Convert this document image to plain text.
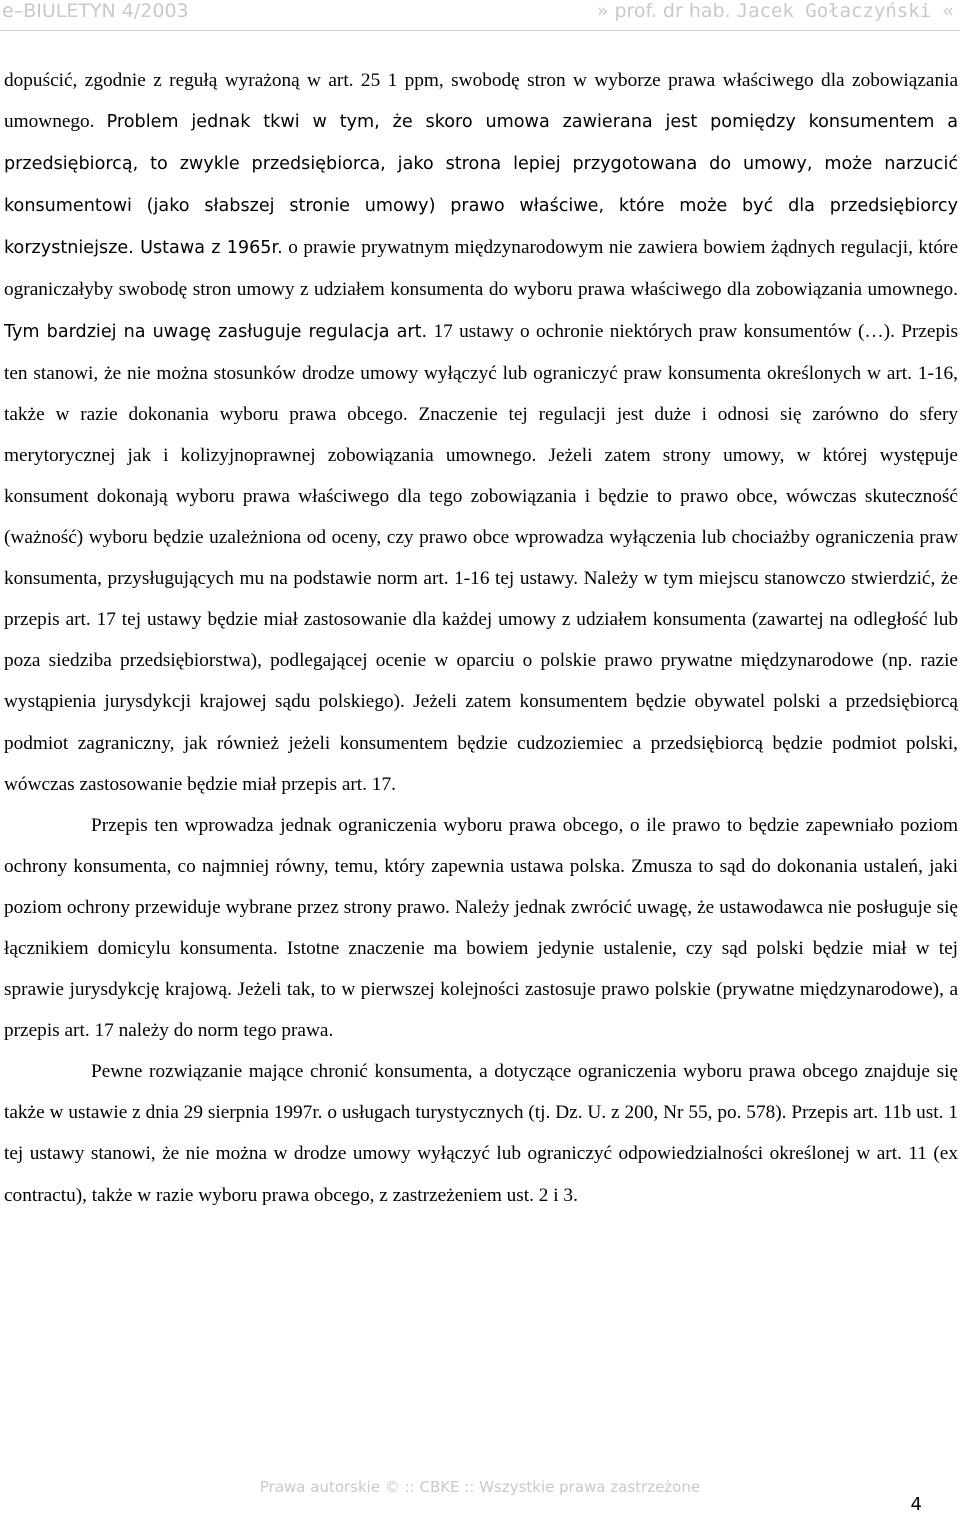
e–BIULETYN 4/2003	» prof. dr hab. Jacek Gołaczyński «

dopuścić, zgodnie z regułą wyrażoną w art. 25 1 ppm, swobodę stron w wyborze prawa właściwego dla zobowiązania umownego. Problem jednak tkwi w tym, że skoro umowa zawierana jest pomiędzy konsumentem a przedsiębiorcą, to zwykle przedsiębiorca, jako strona lepiej przygotowana do umowy, może narzucić konsumentowi (jako słabszej stronie umowy) prawo właściwe, które może być dla przedsiębiorcy korzystniejsze. Ustawa z 1965r. o prawie prywatnym międzynarodowym nie zawiera bowiem żądnych regulacji, które ograniczałyby swobodę stron umowy z udziałem konsumenta do wyboru prawa właściwego dla zobowiązania umownego. Tym bardziej na uwagę zasługuje regulacja art. 17 ustawy o ochronie niektórych praw konsumentów (…). Przepis ten stanowi, że nie można stosunków drodze umowy wyłączyć lub ograniczyć praw konsumenta określonych w art. 1-16, także w razie dokonania wyboru prawa obcego. Znaczenie tej regulacji jest duże i odnosi się zarówno do sfery merytorycznej jak i kolizyjnoprawnej zobowiązania umownego. Jeżeli zatem strony umowy, w której występuje konsument dokonają wyboru prawa właściwego dla tego zobowiązania i będzie to prawo obce, wówczas skuteczność (ważność) wyboru będzie uzależniona od oceny, czy prawo obce wprowadza wyłączenia lub chociażby ograniczenia praw konsumenta, przysługujących mu na podstawie norm art. 1-16 tej ustawy. Należy w tym miejscu stanowczo stwierdzić, że przepis art. 17 tej ustawy będzie miał zastosowanie dla każdej umowy z udziałem konsumenta (zawartej na odległość lub poza siedziba przedsiębiorstwa), podlegającej ocenie w oparciu o polskie prawo prywatne międzynarodowe (np. razie wystąpienia jurysdykcji krajowej sądu polskiego). Jeżeli zatem konsumentem będzie obywatel polski a przedsiębiorcą podmiot zagraniczny, jak również jeżeli konsumentem będzie cudzoziemiec a przedsiębiorcą będzie podmiot polski, wówczas zastosowanie będzie miał przepis art. 17.

Przepis ten wprowadza jednak ograniczenia wyboru prawa obcego, o ile prawo to będzie zapewniało poziom ochrony konsumenta, co najmniej równy, temu, który zapewnia ustawa polska. Zmusza to sąd do dokonania ustaleń, jaki poziom ochrony przewiduje wybrane przez strony prawo. Należy jednak zwrócić uwagę, że ustawodawca nie posługuje się łącznikiem domicylu konsumenta. Istotne znaczenie ma bowiem jedynie ustalenie, czy sąd polski będzie miał w tej sprawie jurysdykcję krajową. Jeżeli tak, to w pierwszej kolejności zastosuje prawo polskie (prywatne międzynarodowe), a przepis art. 17 należy do norm tego prawa.

Pewne rozwiązanie mające chronić konsumenta, a dotyczące ograniczenia wyboru prawa obcego znajduje się także w ustawie z dnia 29 sierpnia 1997r. o usługach turystycznych (tj. Dz. U. z 200, Nr 55, po. 578). Przepis art. 11b ust. 1 tej ustawy stanowi, że nie można w drodze umowy wyłączyć lub ograniczyć odpowiedzialności określonej w art. 11 (ex contractu), także w razie wyboru prawa obcego, z zastrzeżeniem ust. 2 i 3.

Prawa autorskie © :: CBKE :: Wszystkie prawa zastrzeżone
4
